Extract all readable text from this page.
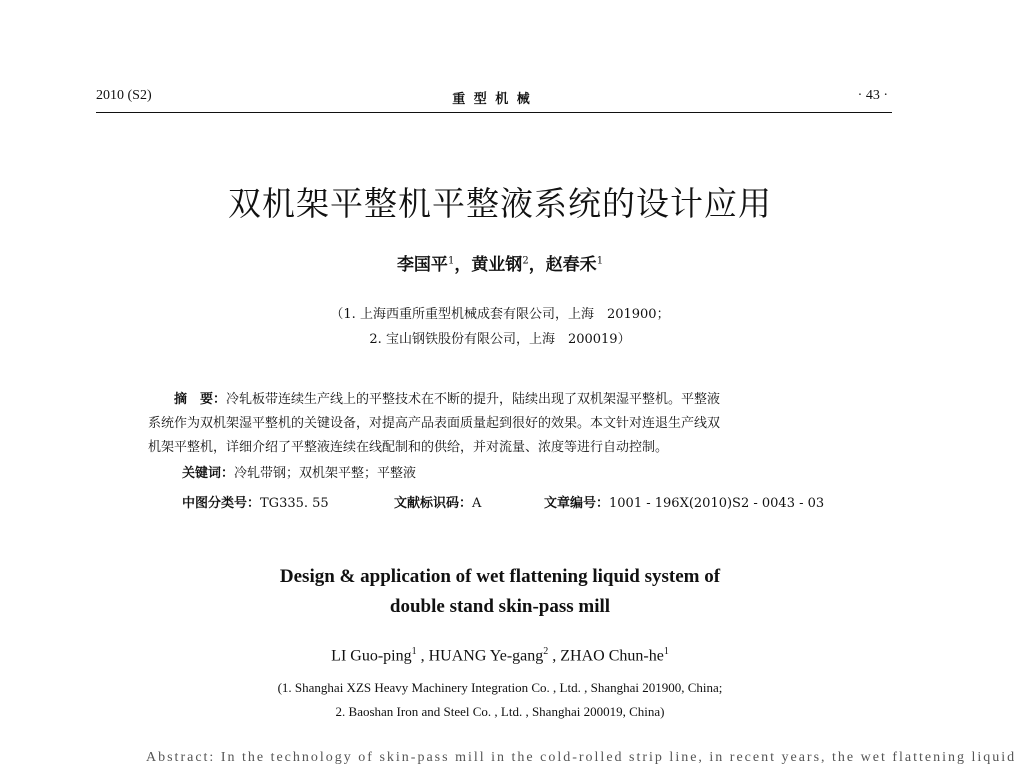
2010 (S2)	重 型 机 械	· 43 ·
双机架平整机平整液系统的设计应用
李国平$^1$，黄业钢$^2$，赵春禾$^1$
（1. 上海西重所重型机械成套有限公司，上海　201900；
2. 宝山钢铁股份有限公司，上海　200019）
摘　要：冷轧板带连续生产线上的平整技术在不断的提升，陆续出现了双机架湿平整机。平整液
系统作为双机架湿平整机的关键设备，对提高产品表面质量起到很好的效果。本文针对连退生产线双
机架平整机，详细介绍了平整液连续在线配制和的供给，并对流量、浓度等进行自动控制。
关键词：冷轧带钢；双机架平整；平整液
中图分类号：TG335. 55	文献标识码：A	文章编号：1001 - 196X(2010)S2 - 0043 - 03
Design & application of wet flattening liquid system of
double stand skin-pass mill
LI Guo-ping$^1$ , HUANG Ye-gang$^2$ , ZHAO Chun-$he^1$
(1. Shanghai XZS Heavy Machinery Integration Co. , Ltd. , Shanghai 201900, China;
2. Baoshan Iron and Steel Co. , Ltd. , Shanghai 200019, China)
Abstract: In the technology of skin-pass mill in the cold-rolled strip line, in recent years, the wet flattening liquid
